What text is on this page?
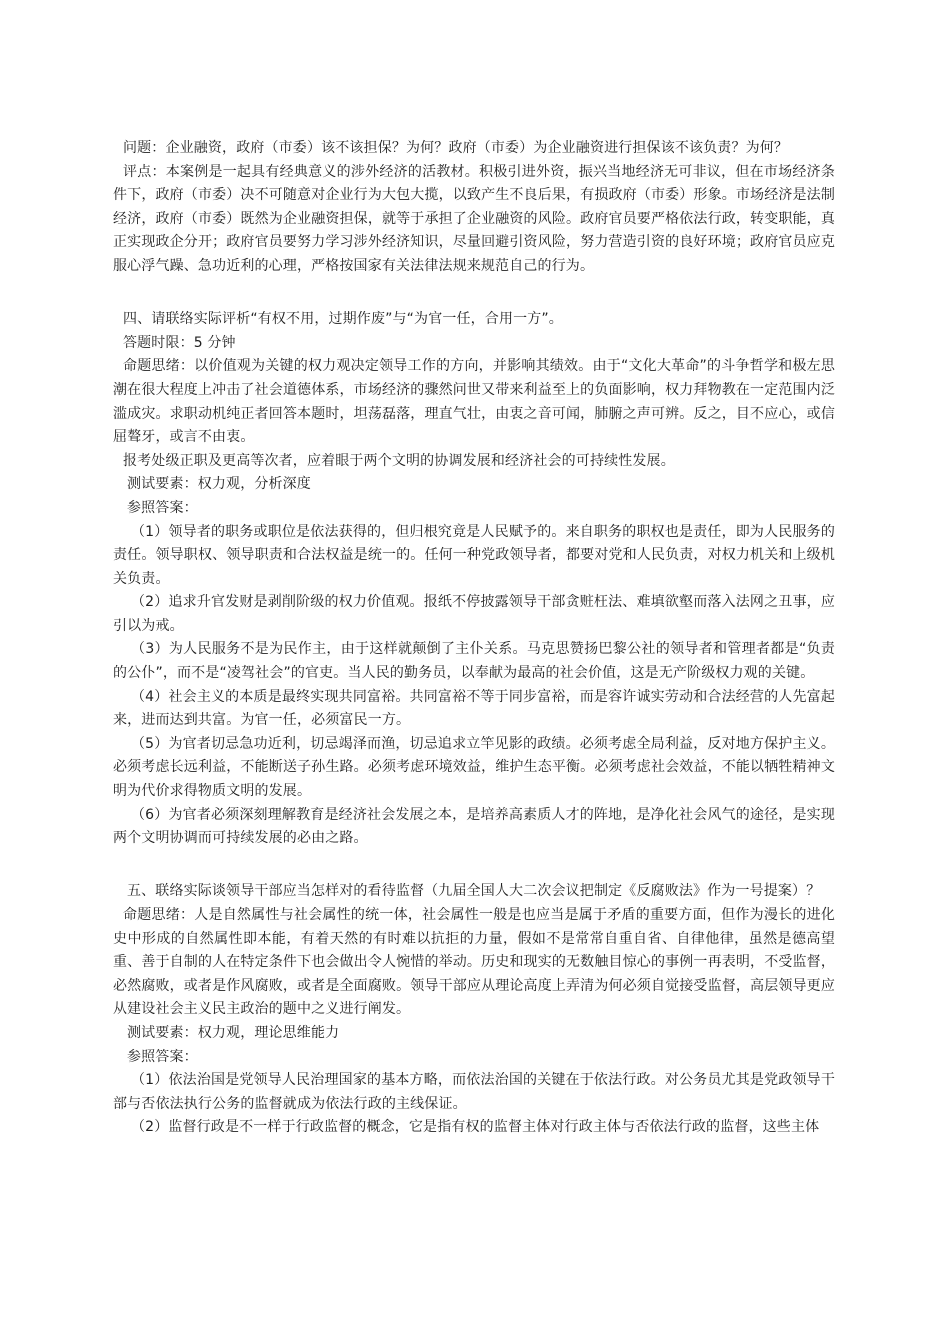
问题：企业融资，政府（市委）该不该担保？为何？政府（市委）为企业融资进行担保该不该负责？为何？

评点：本案例是一起具有经典意义的涉外经济的活教材。积极引进外资，振兴当地经济无可非议，但在市场经济条件下，政府（市委）决不可随意对企业行为大包大揽，以致产生不良后果，有损政府（市委）形象。市场经济是法制经济，政府（市委）既然为企业融资担保，就等于承担了企业融资的风险。政府官员要严格依法行政，转变职能，真正实现政企分开；政府官员要努力学习涉外经济知识，尽量回避引资风险，努力营造引资的良好环境；政府官员应克服心浮气躁、急功近利的心理，严格按国家有关法律法规来规范自己的行为。

四、请联络实际评析“有权不用，过期作废”与“为官一任，合用一方”。

答题时限：5 分钟

命题思绪：以价值观为关键的权力观决定领导工作的方向，并影响其绩效。由于“文化大革命”的斗争哲学和极左思潮在很大程度上冲击了社会道德体系，市场经济的骤然问世又带来利益至上的负面影响，权力拜物教在一定范围内泛滥成灾。求职动机纯正者回答本题时，坦荡磊落，理直气壮，由衷之音可闻，肺腑之声可辨。反之，目不应心，或信屈聱牙，或言不由衷。

报考处级正职及更高等次者，应着眼于两个文明的协调发展和经济社会的可持续性发展。

测试要素：权力观，分析深度

参照答案：

（1）领导者的职务或职位是依法获得的，但归根究竟是人民赋予的。来自职务的职权也是责任，即为人民服务的责任。领导职权、领导职责和合法权益是统一的。任何一种党政领导者，都要对党和人民负责，对权力机关和上级机关负责。

（2）追求升官发财是剥削阶级的权力价值观。报纸不停披露领导干部贪赃枉法、难填欲壑而落入法网之丑事，应引以为戒。

（3）为人民服务不是为民作主，由于这样就颠倒了主仆关系。马克思赞扬巴黎公社的领导者和管理者都是“负责的公仆”，而不是“凌驾社会”的官吏。当人民的勤务员，以奉献为最高的社会价值，这是无产阶级权力观的关键。

（4）社会主义的本质是最终实现共同富裕。共同富裕不等于同步富裕，而是容许诚实劳动和合法经营的人先富起来，进而达到共富。为官一任，必须富民一方。

（5）为官者切忌急功近利，切忌竭泽而渔，切忌追求立竿见影的政绩。必须考虑全局利益，反对地方保护主义。必须考虑长远利益，不能断送子孙生路。必须考虑环境效益，维护生态平衡。必须考虑社会效益，不能以牺牲精神文明为代价求得物质文明的发展。

（6）为官者必须深刻理解教育是经济社会发展之本，是培养高素质人才的阵地，是净化社会风气的途径，是实现两个文明协调而可持续发展的必由之路。

五、联络实际谈领导干部应当怎样对的看待监督（九届全国人大二次会议把制定《反腐败法》作为一号提案）？

命题思绪：人是自然属性与社会属性的统一体，社会属性一般是也应当是属于矛盾的重要方面，但作为漫长的进化史中形成的自然属性即本能，有着天然的有时难以抗拒的力量，假如不是常常自重自省、自律他律，虽然是德高望重、善于自制的人在特定条件下也会做出令人惋惜的举动。历史和现实的无数触目惊心的事例一再表明，不受监督，必然腐败，或者是作风腐败，或者是全面腐败。领导干部应从理论高度上弄清为何必须自觉接受监督，高层领导更应从建设社会主义民主政治的题中之义进行阐发。

测试要素：权力观，理论思维能力

参照答案：

（1）依法治国是党领导人民治理国家的基本方略，而依法治国的关键在于依法行政。对公务员尤其是党政领导干部与否依法执行公务的监督就成为依法行政的主线保证。

（2）监督行政是不一样于行政监督的概念，它是指有权的监督主体对行政主体与否依法行政的监督，这些主体
